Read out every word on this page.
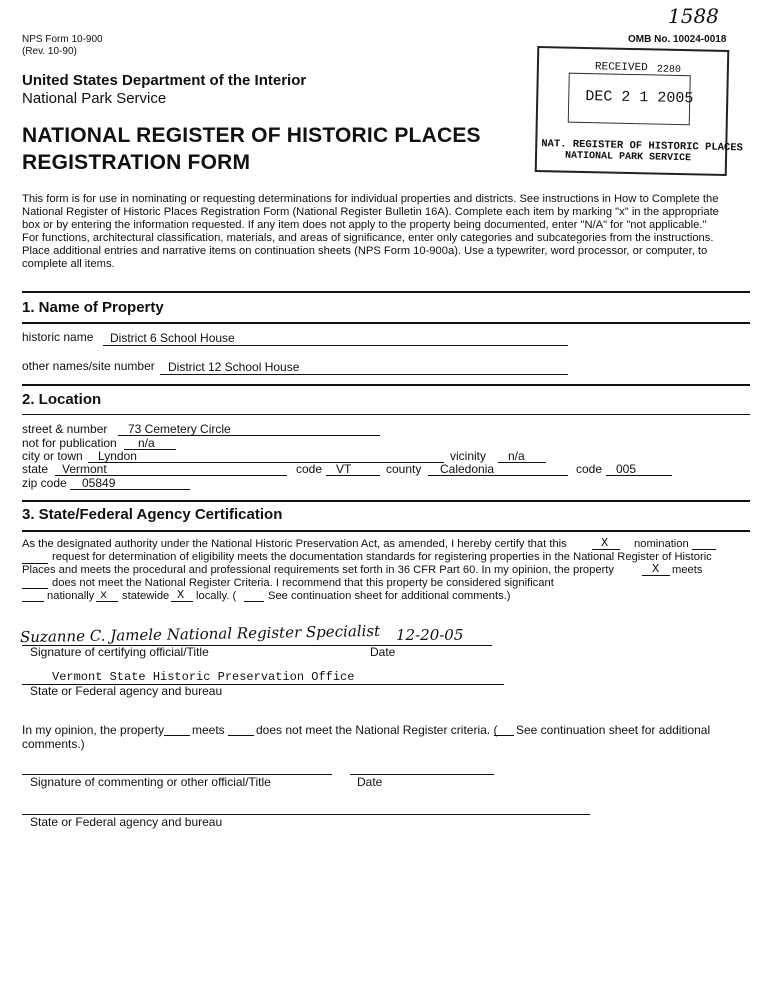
NPS Form 10-900
(Rev. 10-90)
OMB No. 10024-0018
1588
United States Department of the Interior
National Park Service
NATIONAL REGISTER OF HISTORIC PLACES
REGISTRATION FORM
RECEIVED 2280
DEC 2 1 2005
NAT. REGISTER OF HISTORIC PLACES
NATIONAL PARK SERVICE
This form is for use in nominating or requesting determinations for individual properties and districts. See instructions in How to Complete the
National Register of Historic Places Registration Form (National Register Bulletin 16A). Complete each item by marking "x" in the appropriate
box or by entering the information requested. If any item does not apply to the property being documented, enter "N/A" for "not applicable."
For functions, architectural classification, materials, and areas of significance, enter only categories and subcategories from the instructions.
Place additional entries and narrative items on continuation sheets (NPS Form 10-900a). Use a typewriter, word processor, or computer, to
complete all items.
1. Name of Property
historic name District 6 School House
other names/site number District 12 School House
2. Location
street & number 73 Cemetery Circle
not for publication n/a
city or town Lyndon	vicinity n/a
state Vermont	code VT	county Caledonia	code 005
zip code 05849
3. State/Federal Agency Certification
As the designated authority under the National Historic Preservation Act, as amended, I hereby certify that this	X nomination
request for determination of eligibility meets the documentation standards for registering properties in the National Register of Historic
Places and meets the procedural and professional requirements set forth in 36 CFR Part 60. In my opinion, the property	X meets
does not meet the National Register Criteria. I recommend that this property be considered significant
nationally x statewide X locally. (	See continuation sheet for additional comments.)
Suzanne C. Jamele National Register Specialist 12-20-05
Signature of certifying official/Title	Date
Vermont State Historic Preservation Office
State or Federal agency and bureau
In my opinion, the property meets	does not meet the National Register criteria. ( See continuation sheet for additional
comments.)
Signature of commenting or other official/Title	Date
State or Federal agency and bureau
